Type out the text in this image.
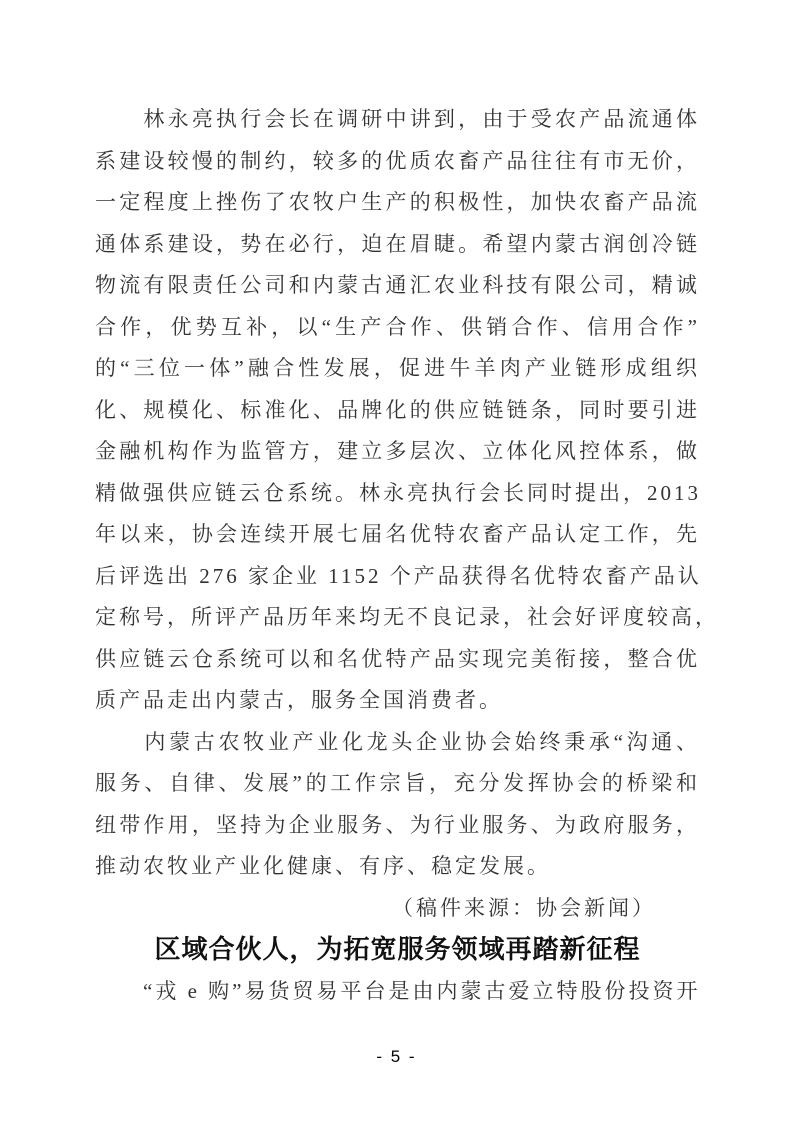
　　林永亮执行会长在调研中讲到，由于受农产品流通体
系建设较慢的制约，较多的优质农畜产品往往有市无价，
一定程度上挫伤了农牧户生产的积极性，加快农畜产品流
通体系建设，势在必行，迫在眉睫。希望内蒙古润创冷链
物流有限责任公司和内蒙古通汇农业科技有限公司，精诚
合作，优势互补，以“生产合作、供销合作、信用合作”
的“三位一体”融合性发展，促进牛羊肉产业链形成组织
化、规模化、标准化、品牌化的供应链链条，同时要引进
金融机构作为监管方，建立多层次、立体化风控体系，做
精做强供应链云仓系统。林永亮执行会长同时提出，2013
年以来，协会连续开展七届名优特农畜产品认定工作，先
后评选出 276 家企业 1152 个产品获得名优特农畜产品认
定称号，所评产品历年来均无不良记录，社会好评度较高，
供应链云仓系统可以和名优特产品实现完美衔接，整合优
质产品走出内蒙古，服务全国消费者。
　　内蒙古农牧业产业化龙头企业协会始终秉承“沟通、
服务、自律、发展”的工作宗旨，充分发挥协会的桥梁和
纽带作用，坚持为企业服务、为行业服务、为政府服务，
推动农牧业产业化健康、有序、稳定发展。
（稿件来源：协会新闻）
区域合伙人，为拓宽服务领域再踏新征程
　　“戎 e 购”易货贸易平台是由内蒙古爱立特股份投资开
- 5 -
